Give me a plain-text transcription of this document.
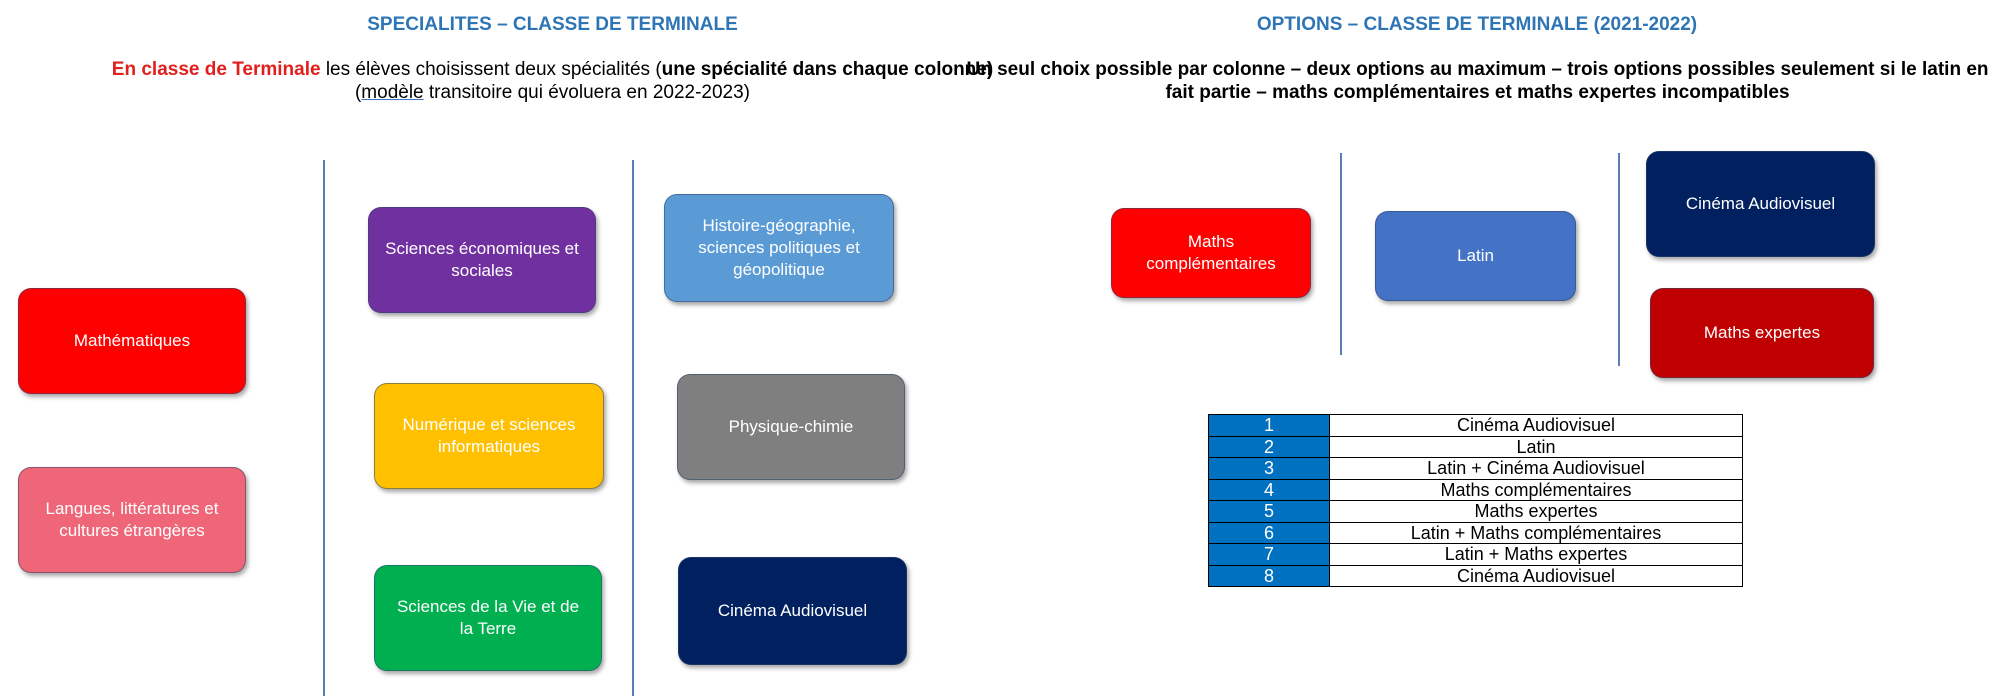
SPECIALITES – CLASSE DE TERMINALE
En classe de Terminale les élèves choisissent deux spécialités (une spécialité dans chaque colonne)
(modèle transitoire qui évoluera en 2022-2023)
Mathématiques
Langues, littératures et cultures étrangères
Sciences économiques et sociales
Numérique et sciences informatiques
Sciences de la Vie et de la Terre
Histoire-géographie, sciences politiques et géopolitique
Physique-chimie
Cinéma Audiovisuel
OPTIONS – CLASSE DE TERMINALE (2021-2022)
Un seul choix possible par colonne – deux options au maximum – trois options possibles seulement si le latin en
fait partie – maths complémentaires et maths expertes incompatibles
Maths complémentaires	Latin
Cinéma Audiovisuel
Maths expertes
1	Cinéma Audiovisuel
2	Latin
3	Latin + Cinéma Audiovisuel
4	Maths complémentaires
5	Maths expertes
6	Latin + Maths complémentaires
7	Latin + Maths expertes
8	Cinéma Audiovisuel
